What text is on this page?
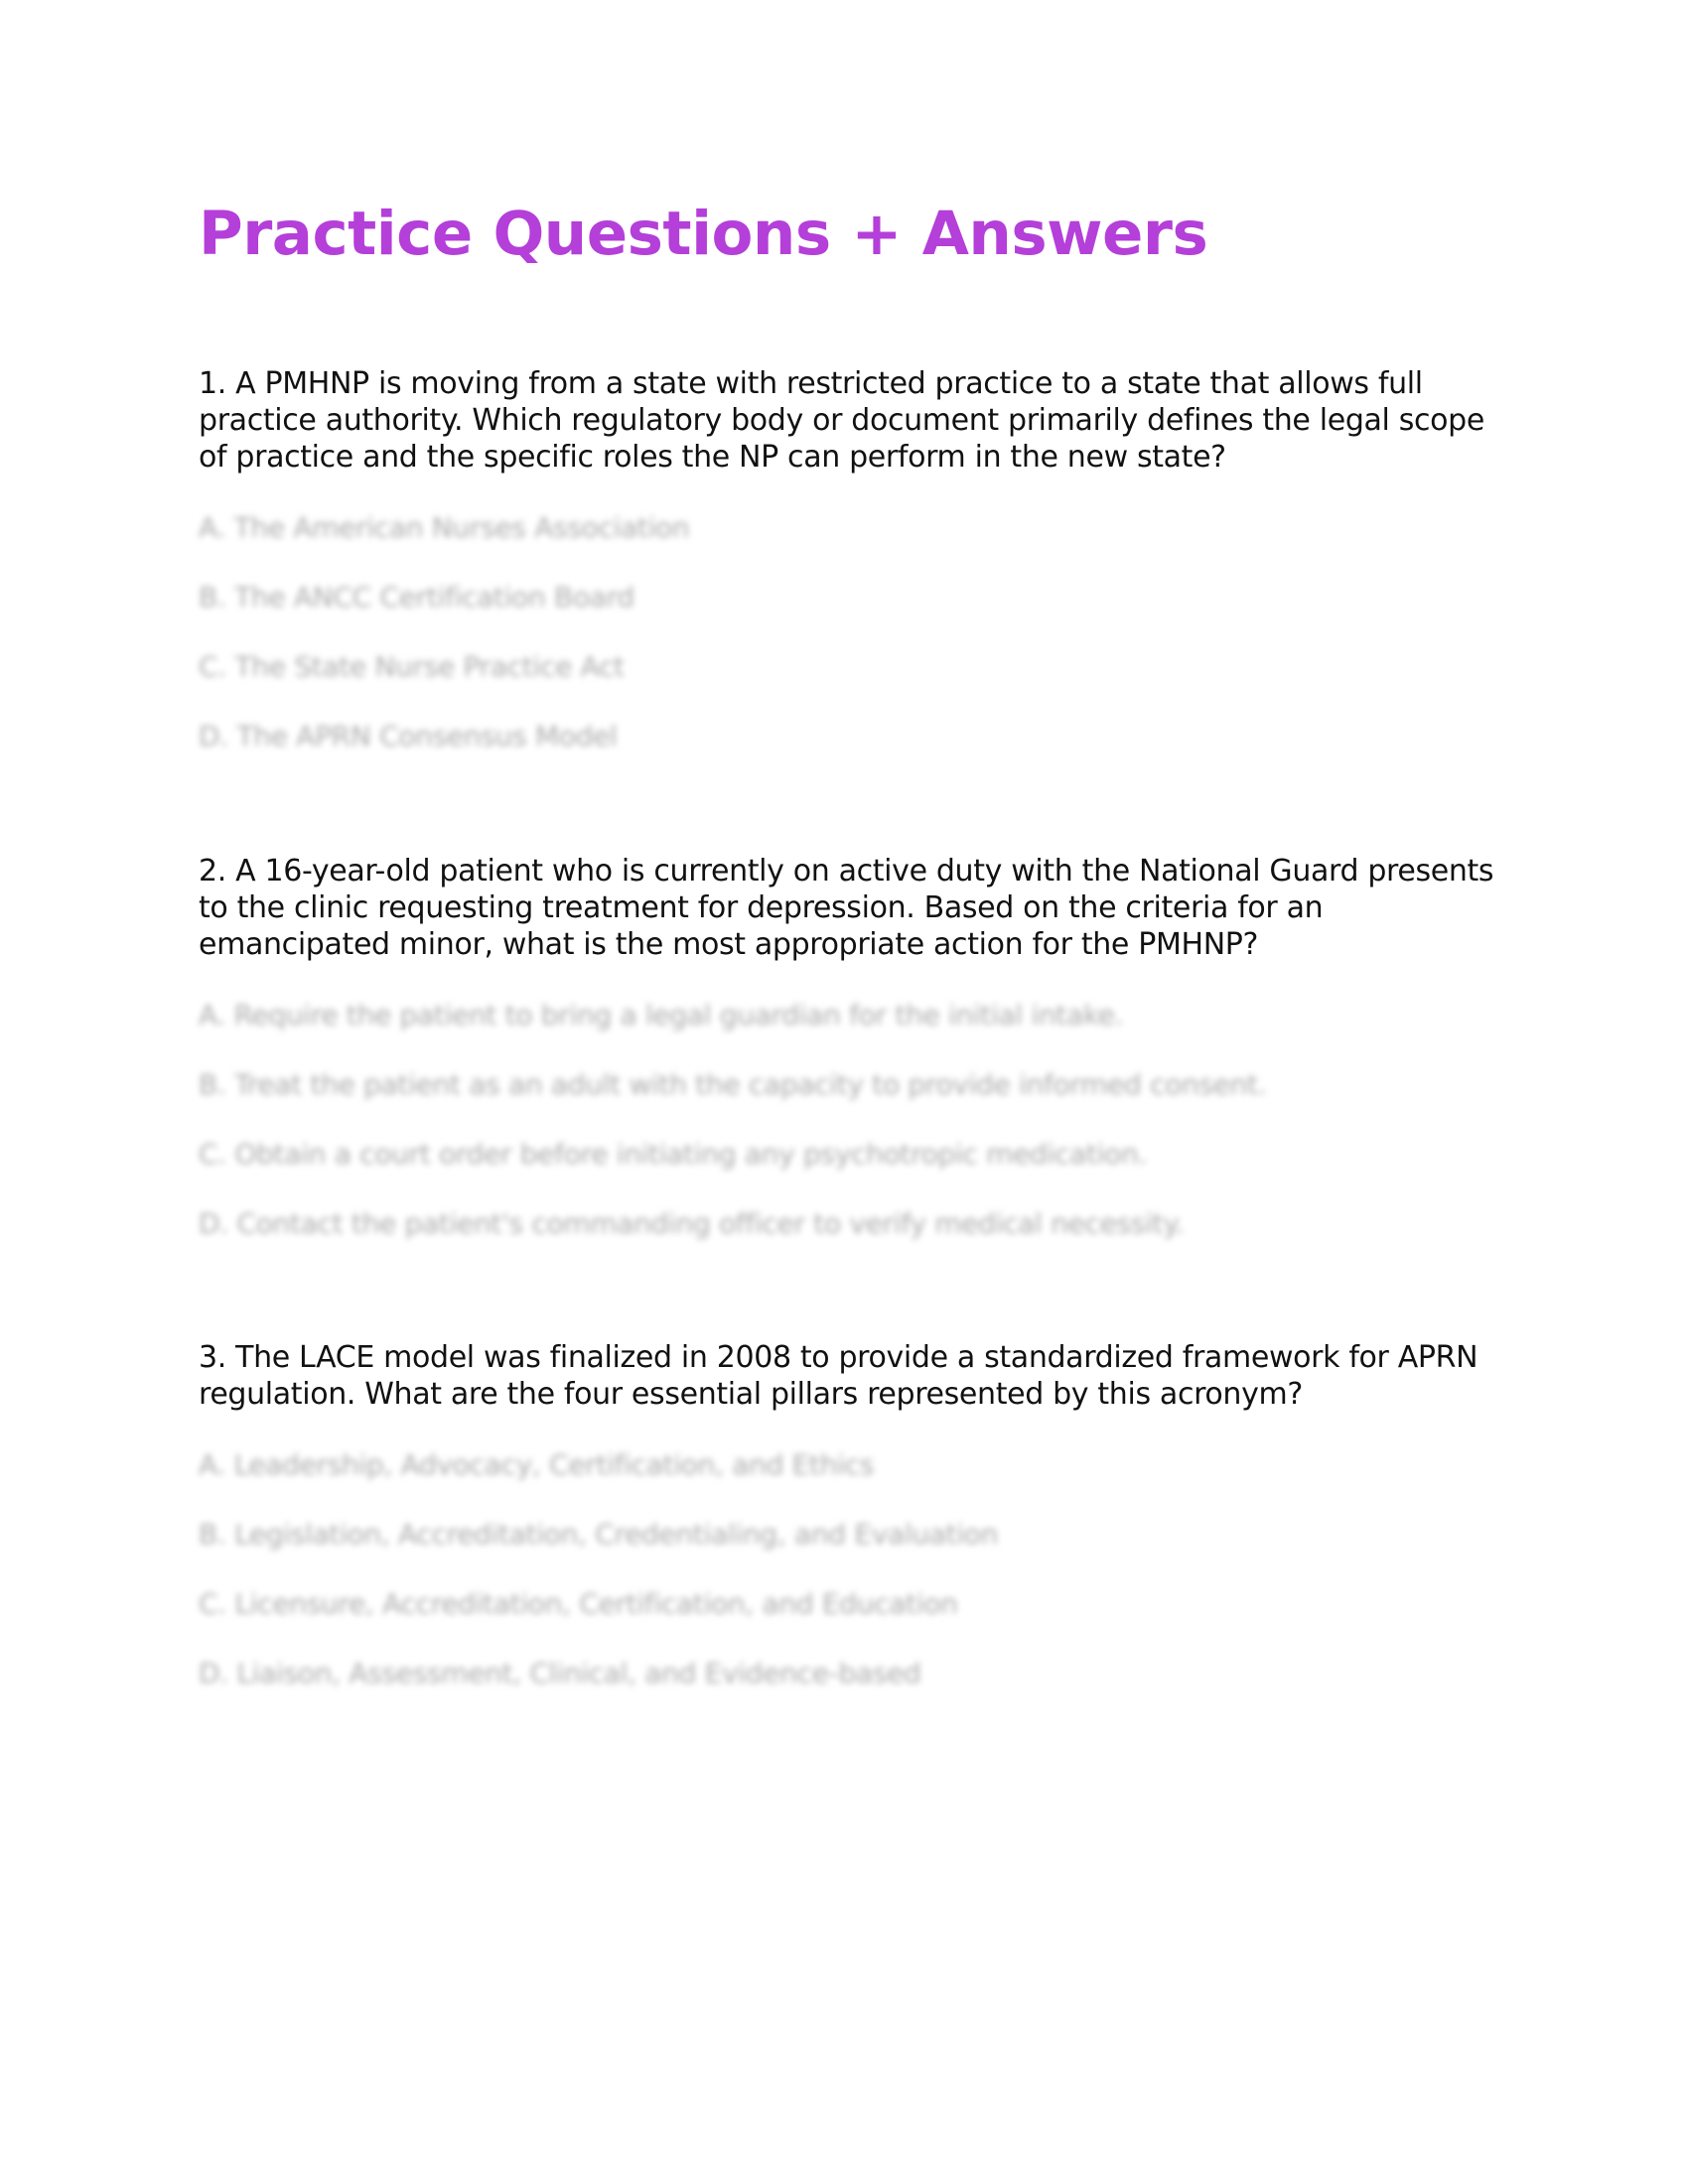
Practice Questions + Answers

1. A PMHNP is moving from a state with restricted practice to a state that allows full practice authority. Which regulatory body or document primarily defines the legal scope of practice and the specific roles the NP can perform in the new state?

A. The American Nurses Association
B. The ANCC Certification Board
C. The State Nurse Practice Act
D. The APRN Consensus Model

2. A 16-year-old patient who is currently on active duty with the National Guard presents to the clinic requesting treatment for depression. Based on the criteria for an emancipated minor, what is the most appropriate action for the PMHNP?

A. Require the patient to bring a legal guardian for the initial intake.
B. Treat the patient as an adult with the capacity to provide informed consent.
C. Obtain a court order before initiating any psychotropic medication.
D. Contact the patient's commanding officer to verify medical necessity.

3. The LACE model was finalized in 2008 to provide a standardized framework for APRN regulation. What are the four essential pillars represented by this acronym?

A. Leadership, Advocacy, Certification, and Ethics
B. Legislation, Accreditation, Credentialing, and Evaluation
C. Licensure, Accreditation, Certification, and Education
D. Liaison, Assessment, Clinical, and Evidence-based
